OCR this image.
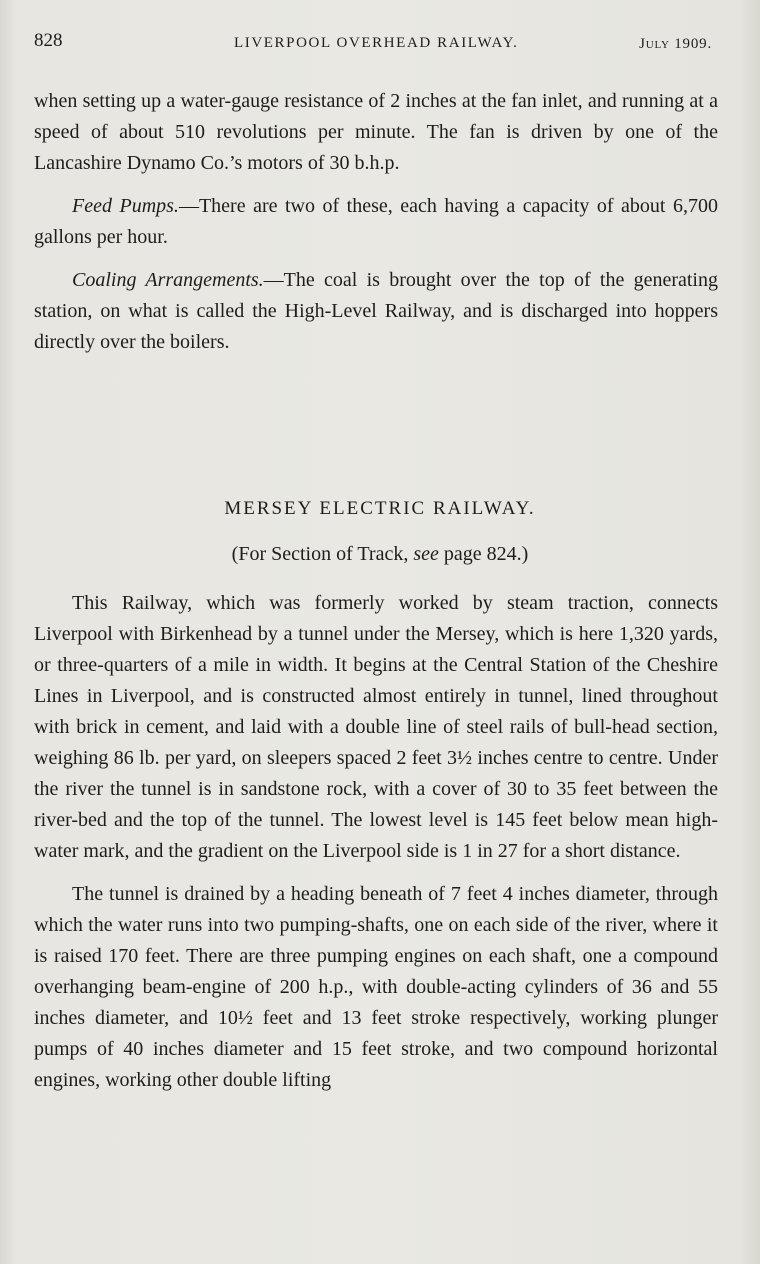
828	LIVERPOOL OVERHEAD RAILWAY.	July 1909.

when setting up a water-gauge resistance of 2 inches at the fan inlet, and running at a speed of about 510 revolutions per minute. The fan is driven by one of the Lancashire Dynamo Co.’s motors of 30 b.h.p.

Feed Pumps.—There are two of these, each having a capacity of about 6,700 gallons per hour.

Coaling Arrangements.—The coal is brought over the top of the generating station, on what is called the High-Level Railway, and is discharged into hoppers directly over the boilers.

MERSEY ELECTRIC RAILWAY.
(For Section of Track, see page 824.)

This Railway, which was formerly worked by steam traction, connects Liverpool with Birkenhead by a tunnel under the Mersey, which is here 1,320 yards, or three-quarters of a mile in width. It begins at the Central Station of the Cheshire Lines in Liverpool, and is constructed almost entirely in tunnel, lined throughout with brick in cement, and laid with a double line of steel rails of bull-head section, weighing 86 lb. per yard, on sleepers spaced 2 feet 3½ inches centre to centre. Under the river the tunnel is in sandstone rock, with a cover of 30 to 35 feet between the river-bed and the top of the tunnel. The lowest level is 145 feet below mean high-water mark, and the gradient on the Liverpool side is 1 in 27 for a short distance.

The tunnel is drained by a heading beneath of 7 feet 4 inches diameter, through which the water runs into two pumping-shafts, one on each side of the river, where it is raised 170 feet. There are three pumping engines on each shaft, one a compound overhanging beam-engine of 200 h.p., with double-acting cylinders of 36 and 55 inches diameter, and 10½ feet and 13 feet stroke respectively, working plunger pumps of 40 inches diameter and 15 feet stroke, and two compound horizontal engines, working other double lifting
